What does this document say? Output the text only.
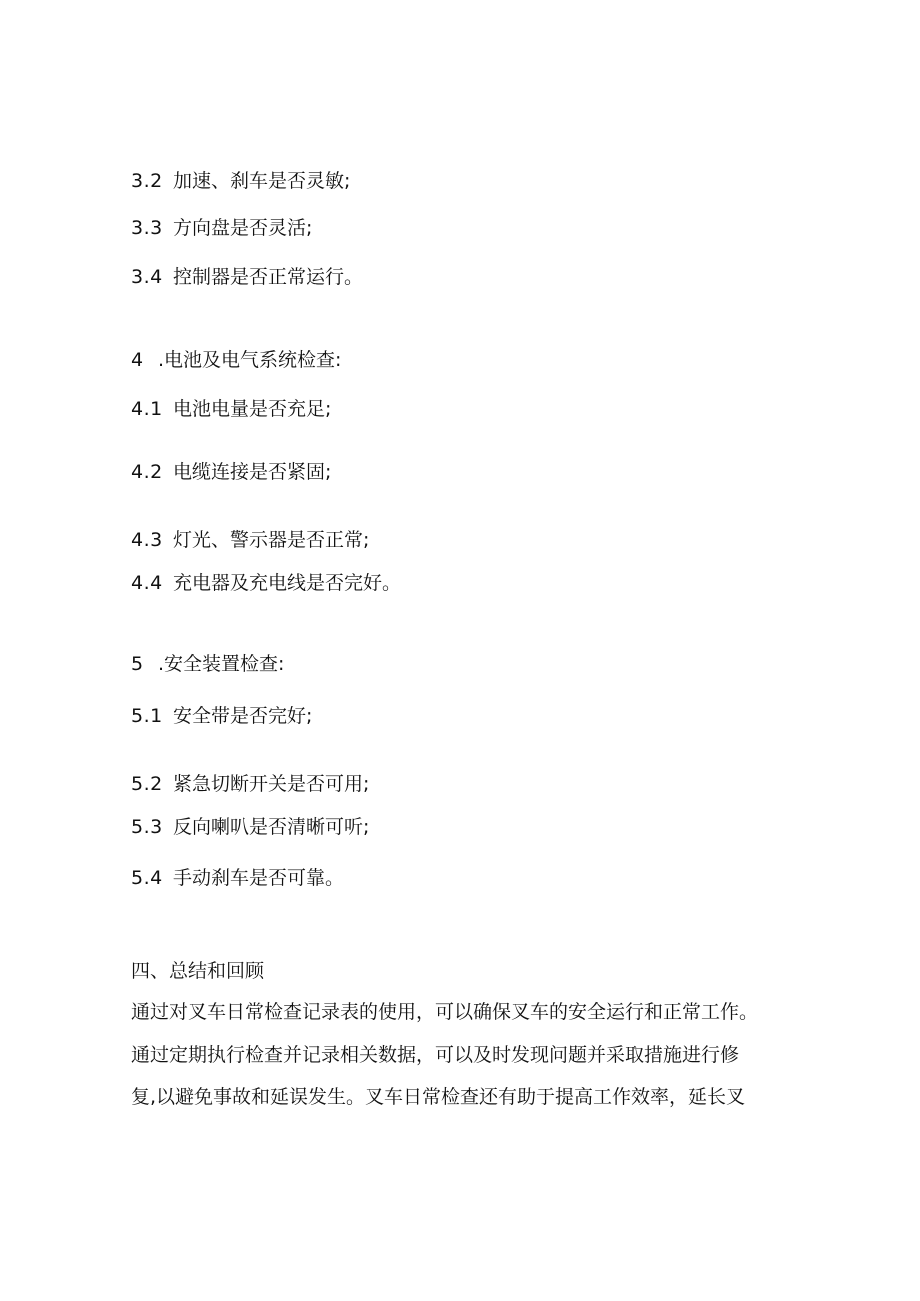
3.2 加速、刹车是否灵敏;
3.3 方向盘是否灵活;
3.4 控制器是否正常运行。
4 .电池及电气系统检查:
4.1 电池电量是否充足;
4.2 电缆连接是否紧固;
4.3 灯光、警示器是否正常;
4.4 充电器及充电线是否完好。
5 .安全装置检查:
5.1 安全带是否完好;
5.2 紧急切断开关是否可用;
5.3 反向喇叭是否清晰可听;
5.4 手动刹车是否可靠。
四、总结和回顾
通过对叉车日常检查记录表的使用，可以确保叉车的安全运行和正常工作。
通过定期执行检查并记录相关数据，可以及时发现问题并采取措施进行修
复,以避免事故和延误发生。叉车日常检查还有助于提高工作效率，延长叉
